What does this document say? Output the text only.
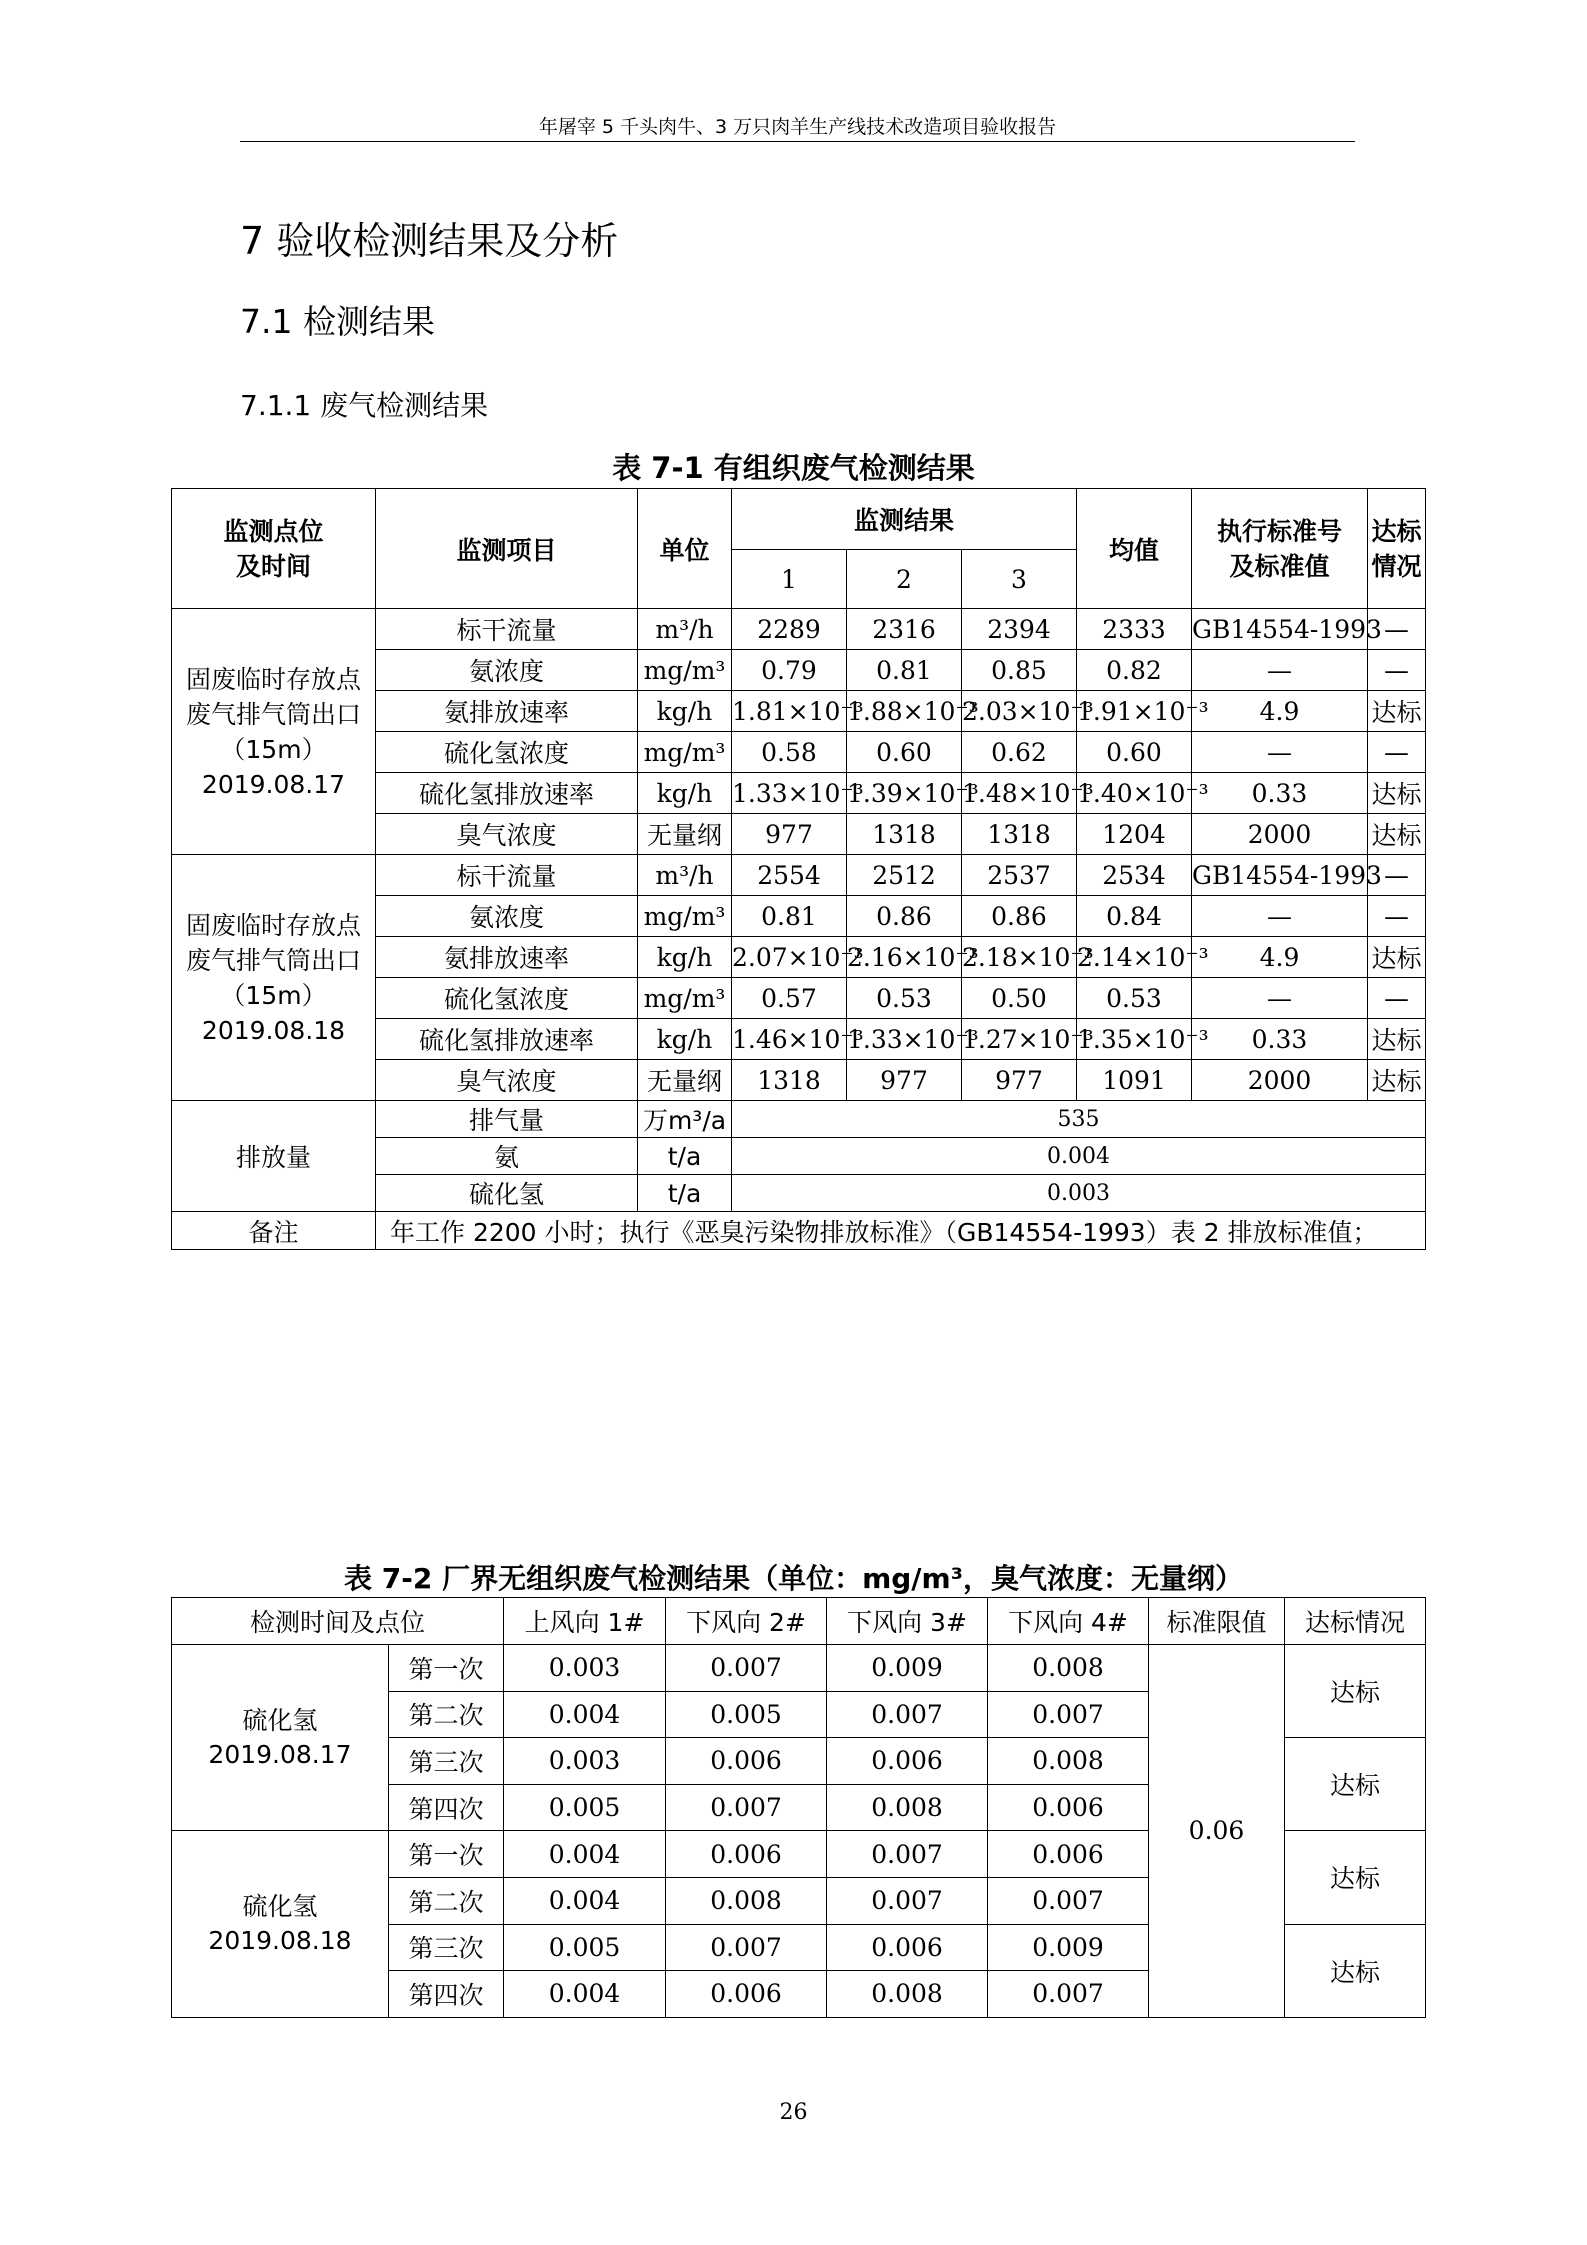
年屠宰 5 千头肉牛、3 万只肉羊生产线技术改造项目验收报告
7 验收检测结果及分析
7.1 检测结果
7.1.1 废气检测结果
表 7-1 有组织废气检测结果
监测点位
及时间	监测项目	单位	监测结果			均值	执行标准号
及标准值	达标
情况
			1	2	3			
固废临时存放点
废气排气筒出口
（15m）
2019.08.17	标干流量	m³/h	2289	2316	2394	2333	GB14554-1993	—
	氨浓度	mg/m³	0.79	0.81	0.85	0.82	—	—
	氨排放速率	kg/h	1.81×10⁻³	1.88×10⁻³	2.03×10⁻³	1.91×10⁻³	4.9	达标
	硫化氢浓度	mg/m³	0.58	0.60	0.62	0.60	—	—
	硫化氢排放速率	kg/h	1.33×10⁻³	1.39×10⁻³	1.48×10⁻³	1.40×10⁻³	0.33	达标
	臭气浓度	无量纲	977	1318	1318	1204	2000	达标
固废临时存放点
废气排气筒出口
（15m）
2019.08.18	标干流量	m³/h	2554	2512	2537	2534	GB14554-1993	—
	氨浓度	mg/m³	0.81	0.86	0.86	0.84	—	—
	氨排放速率	kg/h	2.07×10⁻³	2.16×10⁻³	2.18×10⁻³	2.14×10⁻³	4.9	达标
	硫化氢浓度	mg/m³	0.57	0.53	0.50	0.53	—	—
	硫化氢排放速率	kg/h	1.46×10⁻³	1.33×10⁻³	1.27×10⁻³	1.35×10⁻³	0.33	达标
	臭气浓度	无量纲	1318	977	977	1091	2000	达标
排放量	排气量	万m³/a	535					
	氨	t/a	0.004					
	硫化氢	t/a	0.003					
备注	年工作 2200 小时；执行《恶臭污染物排放标准》（GB14554-1993）表 2 排放标准值；							
表 7-2 厂界无组织废气检测结果（单位：mg/m³，臭气浓度：无量纲）
检测时间及点位		上风向 1#	下风向 2#	下风向 3#	下风向 4#	标准限值	达标情况
硫化氢
2019.08.17	第一次	0.003	0.007	0.009	0.008	0.06	达标
	第二次	0.004	0.005	0.007	0.007		
	第三次	0.003	0.006	0.006	0.008		达标
	第四次	0.005	0.007	0.008	0.006		
硫化氢
2019.08.18	第一次	0.004	0.006	0.007	0.006		达标
	第二次	0.004	0.008	0.007	0.007		
	第三次	0.005	0.007	0.006	0.009		达标
	第四次	0.004	0.006	0.008	0.007		
26
